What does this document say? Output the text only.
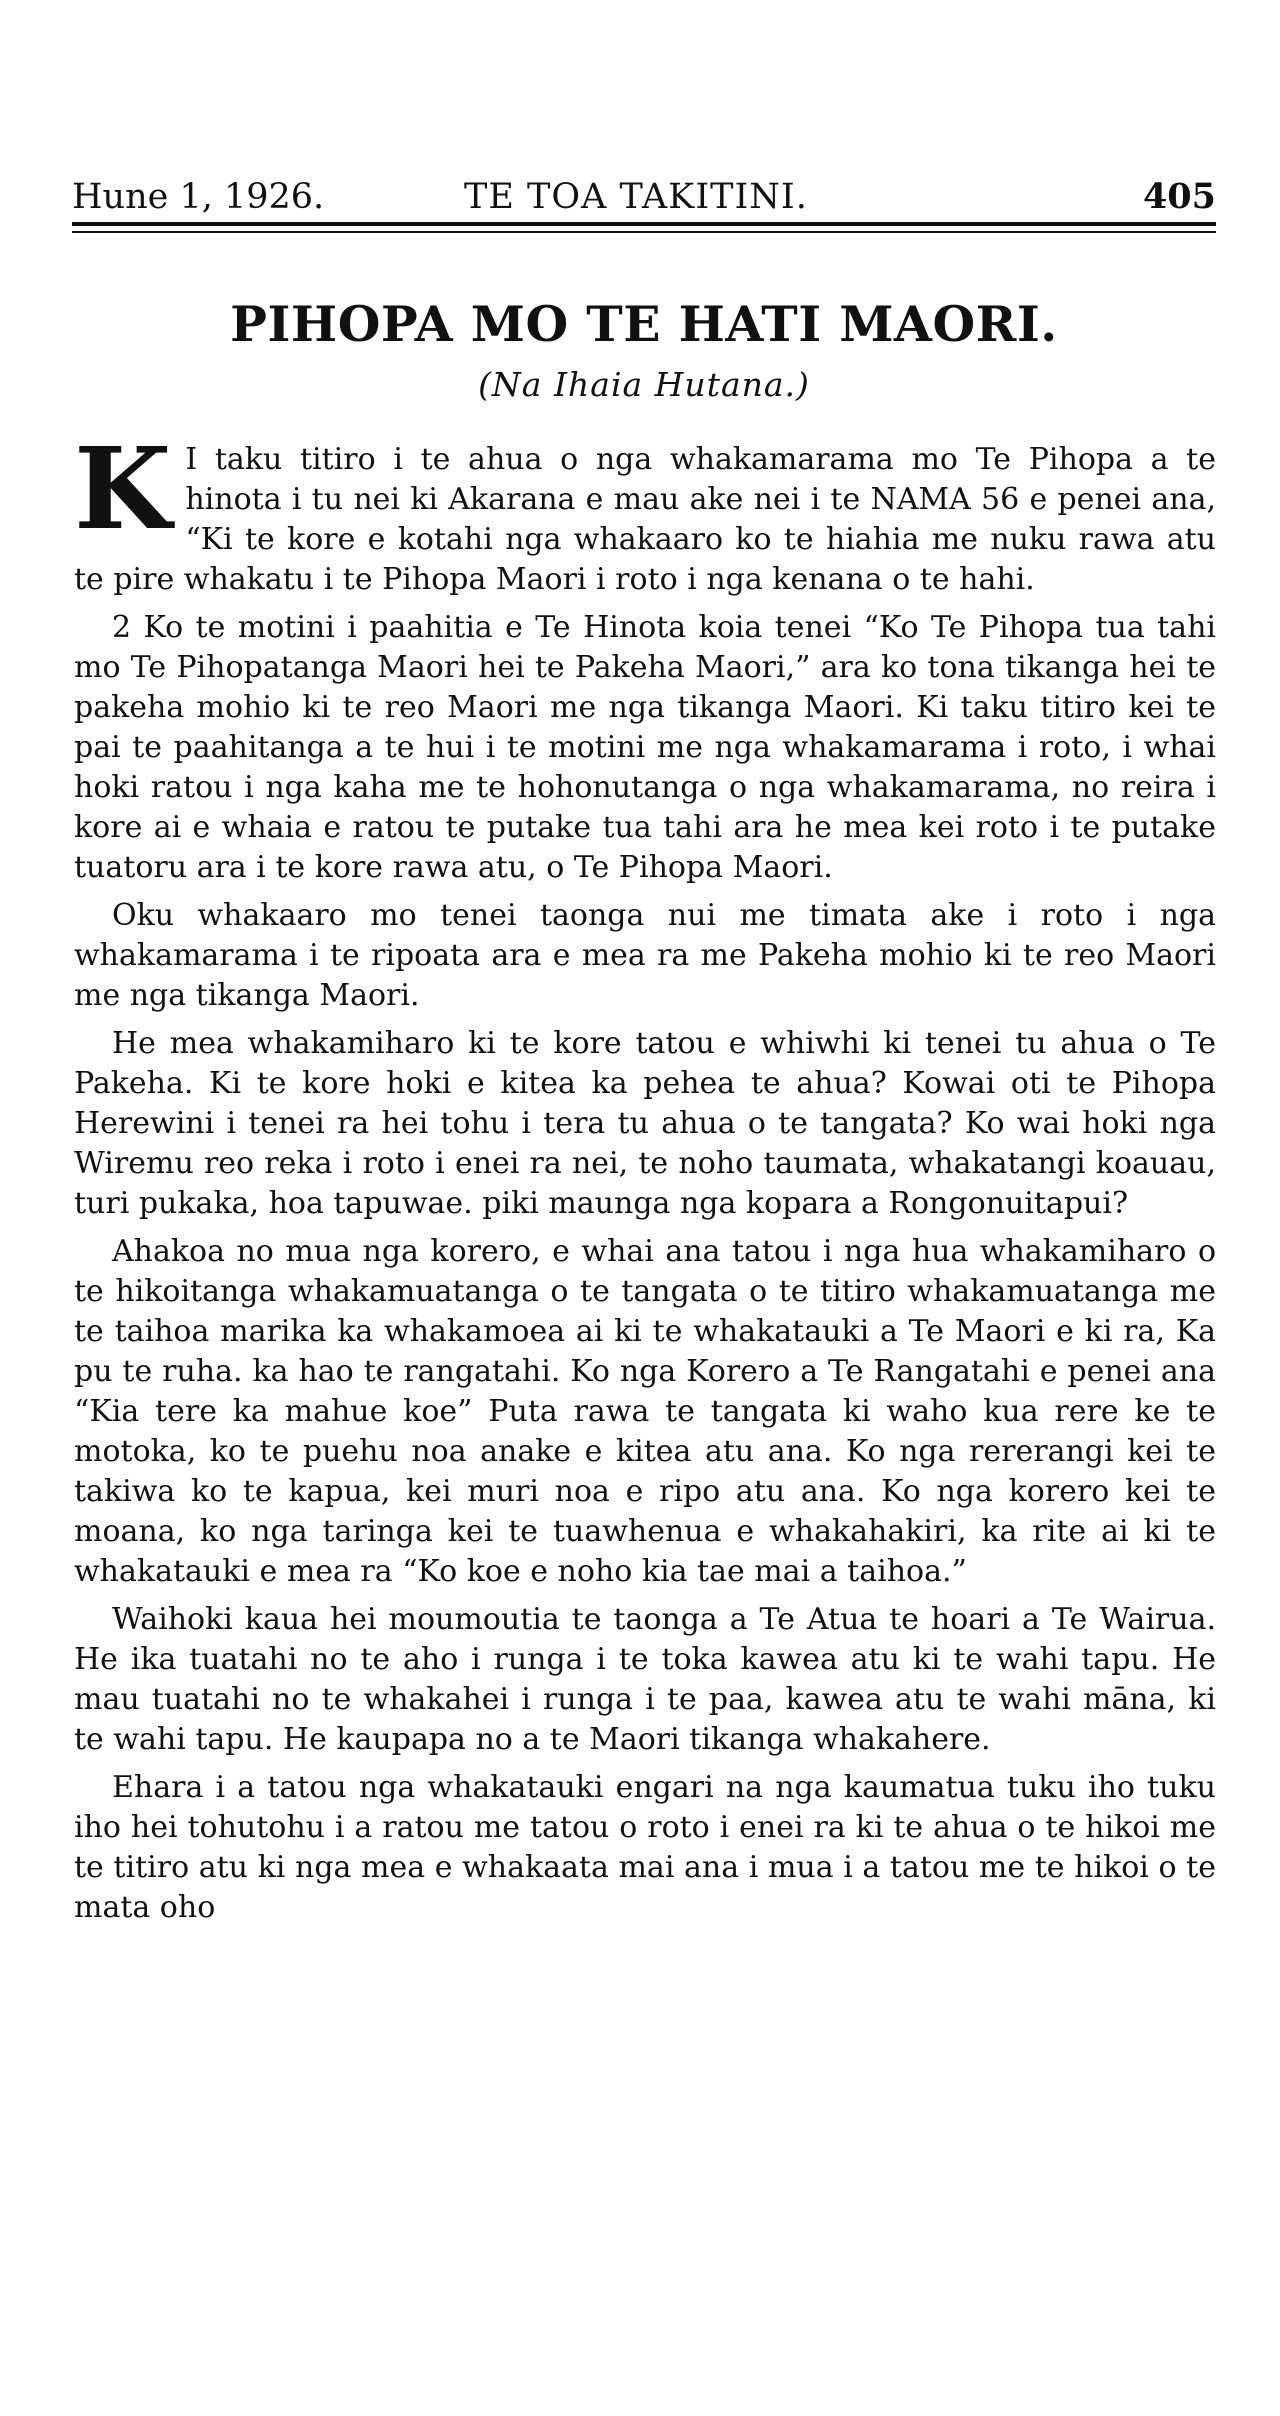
Hune 1, 1926.	TE TOA TAKITINI.	405
PIHOPA MO TE HATI MAORI.
(Na Ihaia Hutana.)

K I taku titiro i te ahua o nga whakamarama mo Te Pihopa a te hinota i tu nei ki Akarana e mau ake nei i te NAMA 56 e penei ana, “Ki te kore e kotahi nga whakaaro ko te hiahia me nuku rawa atu te pire whakatu i te Pihopa Maori i roto i nga kenana o te hahi.

2 Ko te motini i paahitia e Te Hinota koia tenei “Ko Te Pihopa tua tahi mo Te Pihopatanga Maori hei te Pakeha Maori,” ara ko tona tikanga hei te pakeha mohio ki te reo Maori me nga tikanga Maori. Ki taku titiro kei te pai te paahitanga a te hui i te motini me nga whakamarama i roto, i whai hoki ratou i nga kaha me te hohonutanga o nga whakamarama, no reira i kore ai e whaia e ratou te putake tua tahi ara he mea kei roto i te putake tuatoru ara i te kore rawa atu, o Te Pihopa Maori.

Oku whakaaro mo tenei taonga nui me timata ake i roto i nga whakamarama i te ripoata ara e mea ra me Pakeha mohio ki te reo Maori me nga tikanga Maori.

He mea whakamiharo ki te kore tatou e whiwhi ki tenei tu ahua o Te Pakeha. Ki te kore hoki e kitea ka pehea te ahua? Kowai oti te Pihopa Herewini i tenei ra hei tohu i tera tu ahua o te tangata? Ko wai hoki nga Wiremu reo reka i roto i enei ra nei, te noho taumata, whakatangi koauau, turi pukaka, hoa tapuwae. piki maunga nga kopara a Rongonuitapui?

Ahakoa no mua nga korero, e whai ana tatou i nga hua whakamiharo o te hikoitanga whakamuatanga o te tangata o te titiro whakamuatanga me te taihoa marika ka whakamoea ai ki te whakatauki a Te Maori e ki ra, Ka pu te ruha. ka hao te rangatahi. Ko nga Korero a Te Rangatahi e penei ana “Kia tere ka mahue koe” Puta rawa te tangata ki waho kua rere ke te motoka, ko te puehu noa anake e kitea atu ana. Ko nga rererangi kei te takiwa ko te kapua, kei muri noa e ripo atu ana. Ko nga korero kei te moana, ko nga taringa kei te tuawhenua e whakahakiri, ka rite ai ki te whakatauki e mea ra “Ko koe e noho kia tae mai a taihoa.”

Waihoki kaua hei moumoutia te taonga a Te Atua te hoari a Te Wairua. He ika tuatahi no te aho i runga i te toka kawea atu ki te wahi tapu. He mau tuatahi no te whakahei i runga i te paa, kawea atu te wahi māna, ki te wahi tapu. He kaupapa no a te Maori tikanga whakahere.

Ehara i a tatou nga whakatauki engari na nga kaumatua tuku iho tuku iho hei tohutohu i a ratou me tatou o roto i enei ra ki te ahua o te hikoi me te titiro atu ki nga mea e whakaata mai ana i mua i a tatou me te hikoi o te mata oho
